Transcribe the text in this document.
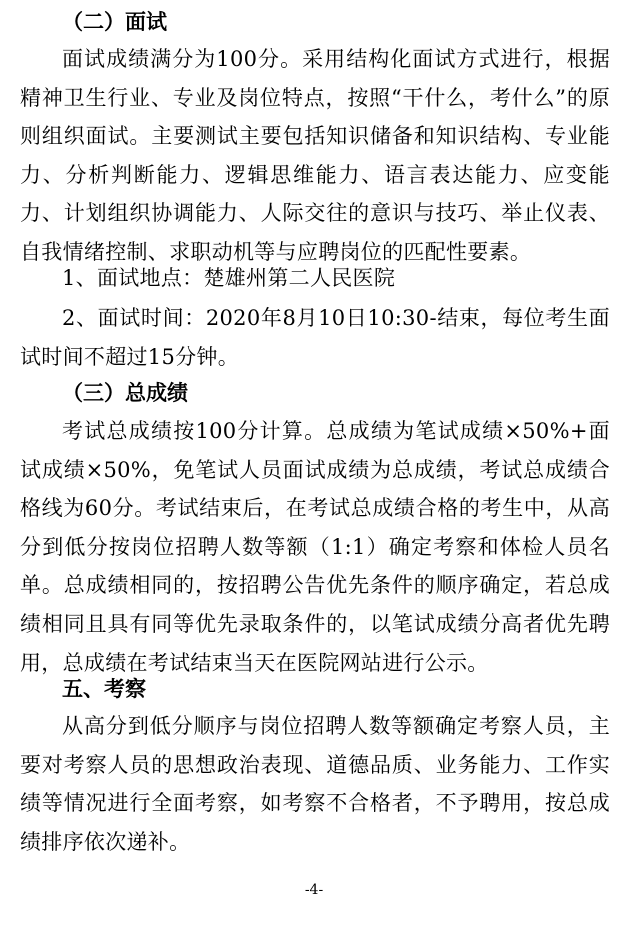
（二）面试
面试成绩满分为100分。采用结构化面试方式进行，根据精神卫生行业、专业及岗位特点，按照“干什么，考什么”的原则组织面试。主要测试主要包括知识储备和知识结构、专业能力、分析判断能力、逻辑思维能力、语言表达能力、应变能力、计划组织协调能力、人际交往的意识与技巧、举止仪表、自我情绪控制、求职动机等与应聘岗位的匹配性要素。
1、面试地点：楚雄州第二人民医院
2、面试时间：2020年8月10日10:30-结束，每位考生面试时间不超过15分钟。
（三）总成绩
考试总成绩按100分计算。总成绩为笔试成绩×50%+面试成绩×50%，免笔试人员面试成绩为总成绩，考试总成绩合格线为60分。考试结束后，在考试总成绩合格的考生中，从高分到低分按岗位招聘人数等额（1:1）确定考察和体检人员名单。总成绩相同的，按招聘公告优先条件的顺序确定，若总成绩相同且具有同等优先录取条件的，以笔试成绩分高者优先聘用，总成绩在考试结束当天在医院网站进行公示。
五、考察
从高分到低分顺序与岗位招聘人数等额确定考察人员，主要对考察人员的思想政治表现、道德品质、业务能力、工作实绩等情况进行全面考察，如考察不合格者，不予聘用，按总成绩排序依次递补。
-4-
